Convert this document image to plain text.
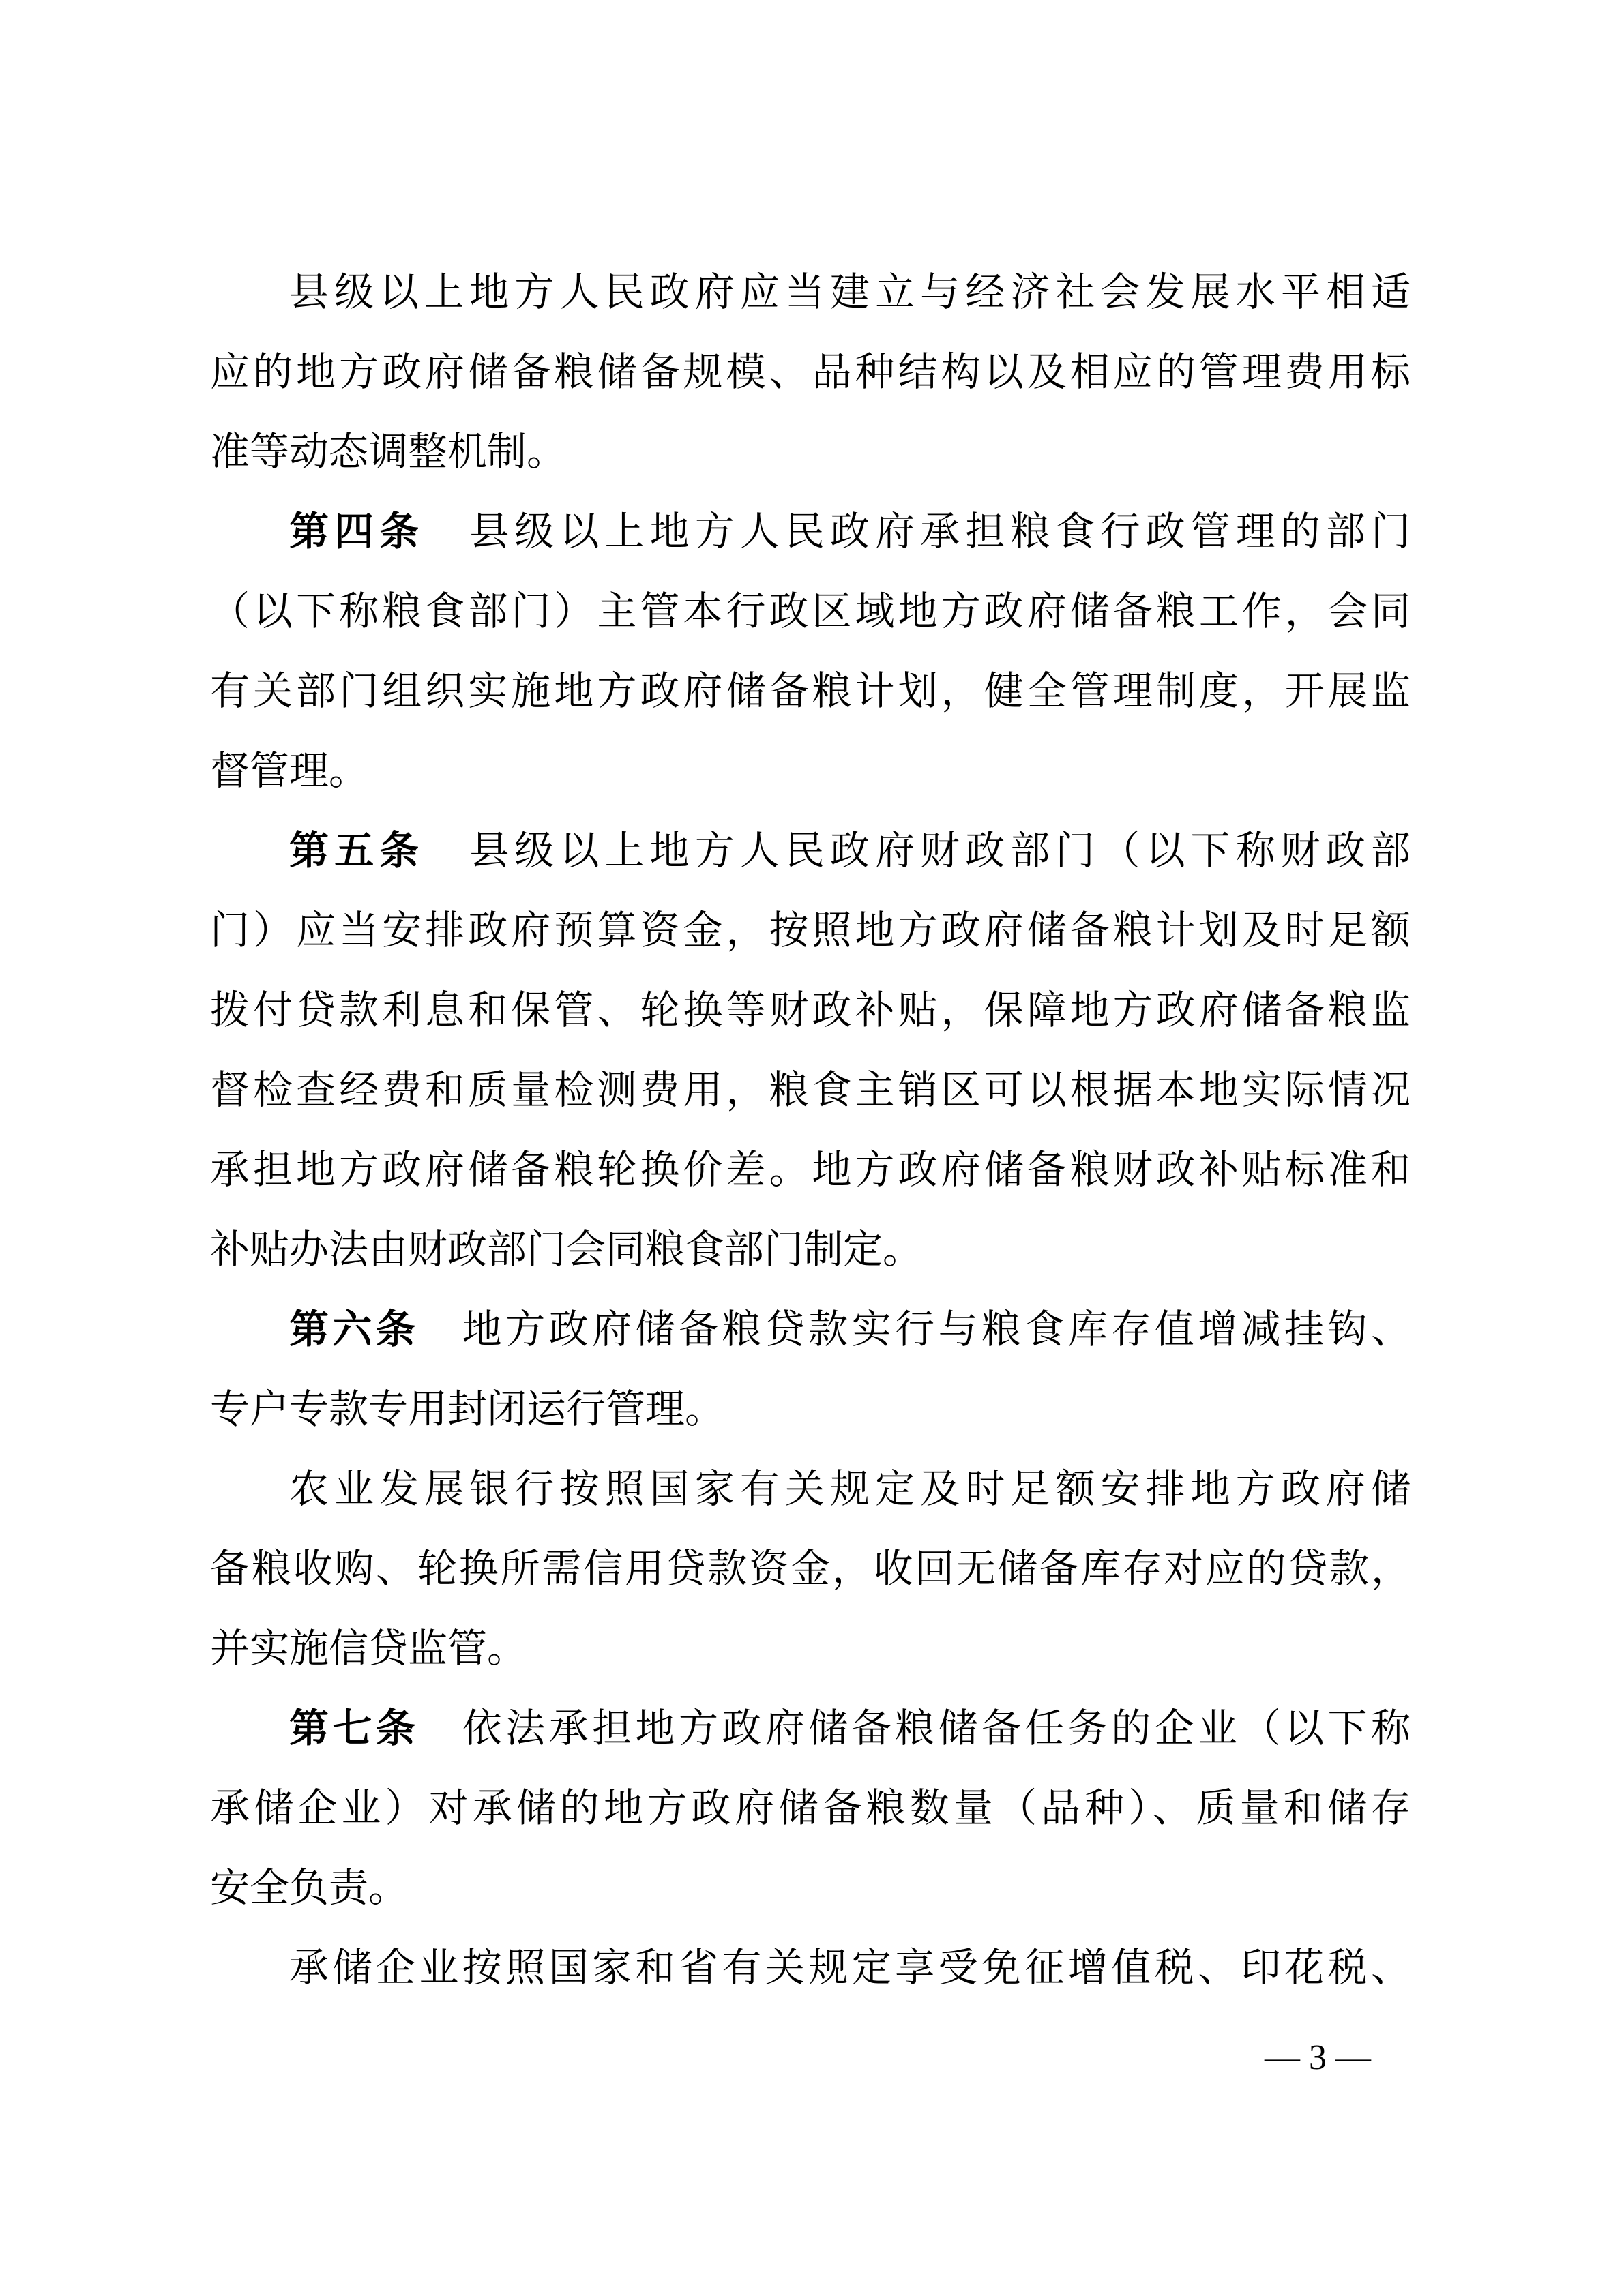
县级以上地方人民政府应当建立与经济社会发展水平相适
应的地方政府储备粮储备规模、品种结构以及相应的管理费用标
准等动态调整机制。
第四条　县级以上地方人民政府承担粮食行政管理的部门
（以下称粮食部门）主管本行政区域地方政府储备粮工作，会同
有关部门组织实施地方政府储备粮计划，健全管理制度，开展监
督管理。
第五条　县级以上地方人民政府财政部门（以下称财政部
门）应当安排政府预算资金，按照地方政府储备粮计划及时足额
拨付贷款利息和保管、轮换等财政补贴，保障地方政府储备粮监
督检查经费和质量检测费用，粮食主销区可以根据本地实际情况
承担地方政府储备粮轮换价差。地方政府储备粮财政补贴标准和
补贴办法由财政部门会同粮食部门制定。
第六条　地方政府储备粮贷款实行与粮食库存值增减挂钩、
专户专款专用封闭运行管理。
农业发展银行按照国家有关规定及时足额安排地方政府储
备粮收购、轮换所需信用贷款资金，收回无储备库存对应的贷款，
并实施信贷监管。
第七条　依法承担地方政府储备粮储备任务的企业（以下称
承储企业）对承储的地方政府储备粮数量（品种）、质量和储存
安全负责。
承储企业按照国家和省有关规定享受免征增值税、印花税、
— 3 —
